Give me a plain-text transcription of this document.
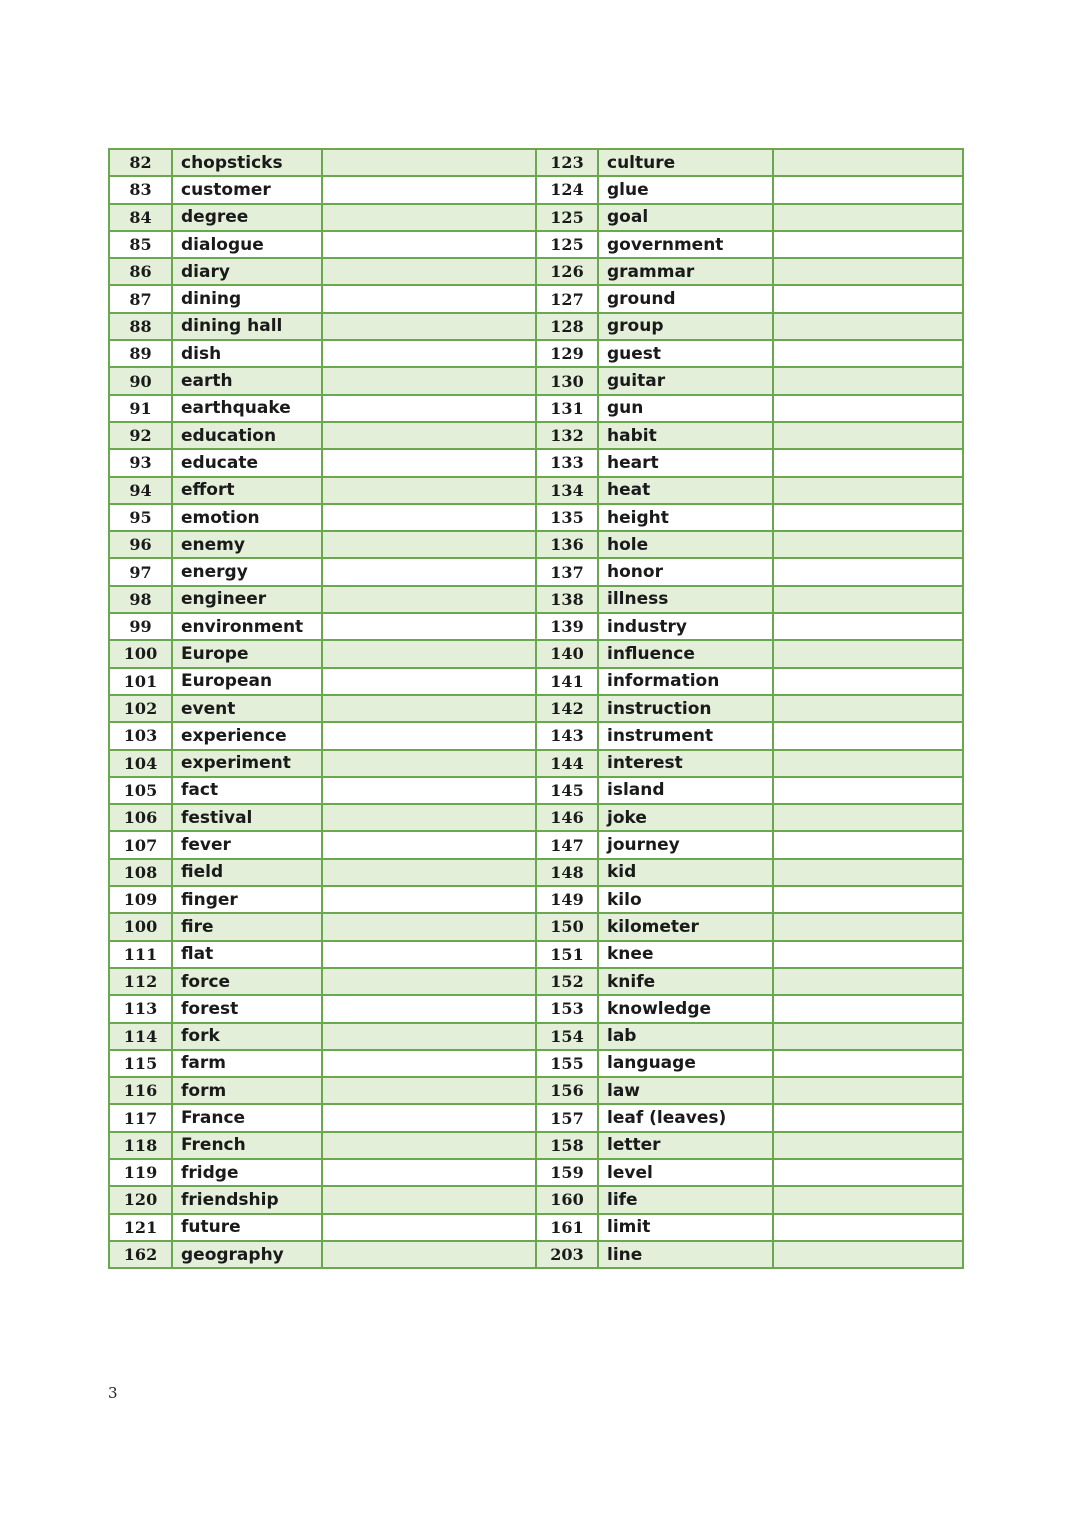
82	chopsticks		123	culture	
83	customer		124	glue	
84	degree		125	goal	
85	dialogue		125	government	
86	diary		126	grammar	
87	dining		127	ground	
88	dining hall		128	group	
89	dish		129	guest	
90	earth		130	guitar	
91	earthquake		131	gun	
92	education		132	habit	
93	educate		133	heart	
94	effort		134	heat	
95	emotion		135	height	
96	enemy		136	hole	
97	energy		137	honor	
98	engineer		138	illness	
99	environment		139	industry	
100	Europe		140	influence	
101	European		141	information	
102	event		142	instruction	
103	experience		143	instrument	
104	experiment		144	interest	
105	fact		145	island	
106	festival		146	joke	
107	fever		147	journey	
108	field		148	kid	
109	finger		149	kilo	
100	fire		150	kilometer	
111	flat		151	knee	
112	force		152	knife	
113	forest		153	knowledge	
114	fork		154	lab	
115	farm		155	language	
116	form		156	law	
117	France		157	leaf (leaves)	
118	French		158	letter	
119	fridge		159	level	
120	friendship		160	life	
121	future		161	limit	
162	geography		203	line	
3
